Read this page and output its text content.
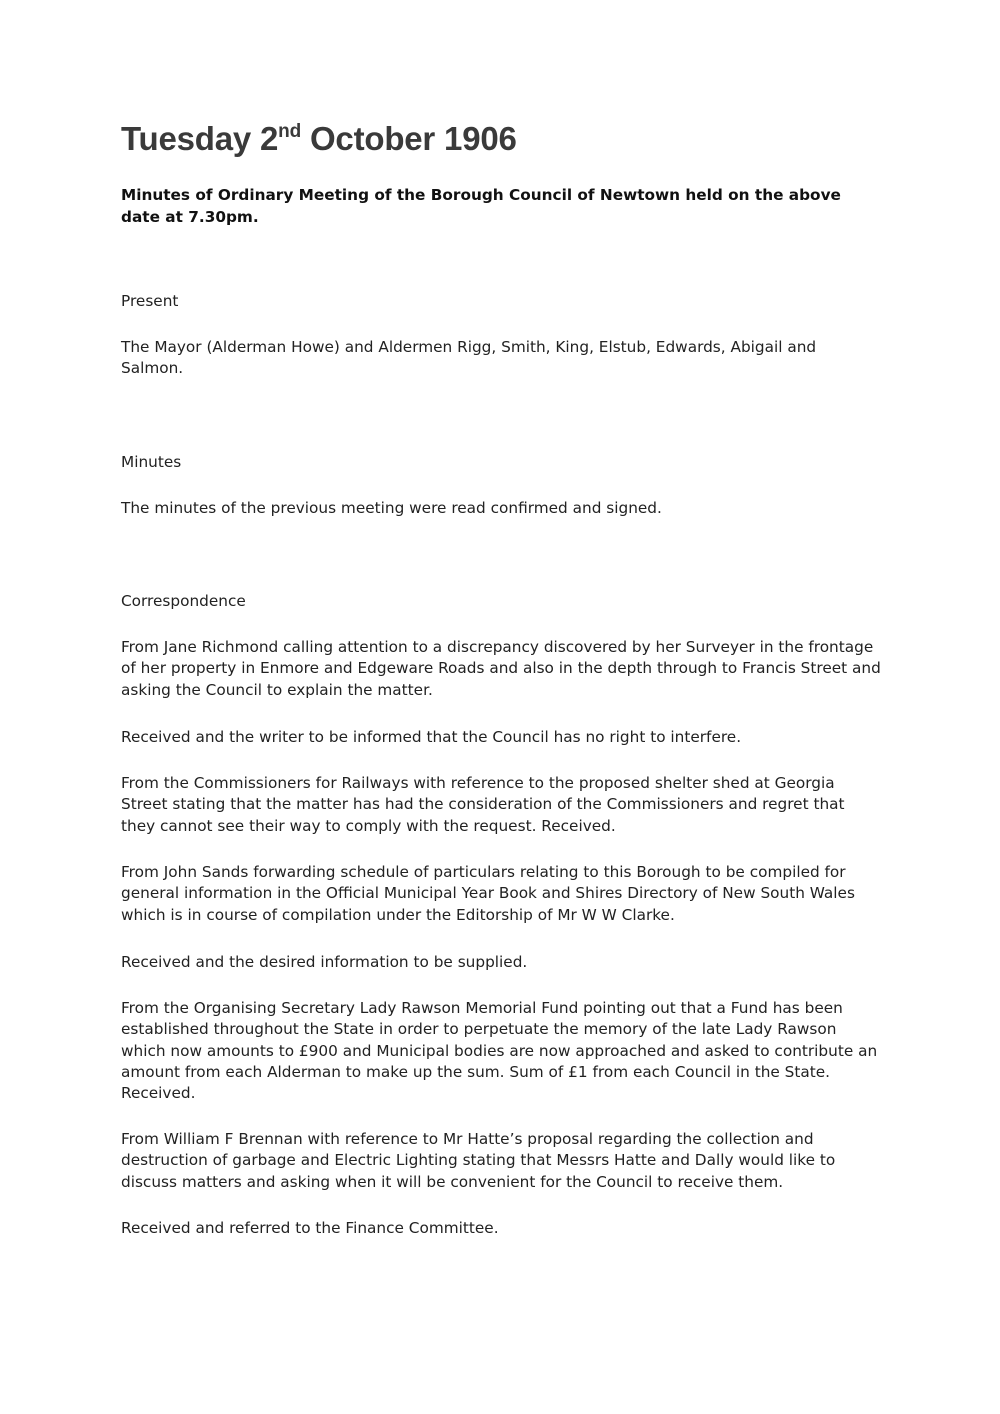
Tuesday 2nd October 1906

Minutes of Ordinary Meeting of the Borough Council of Newtown held on the above date at 7.30pm.

Present

The Mayor (Alderman Howe) and Aldermen Rigg, Smith, King, Elstub, Edwards, Abigail and Salmon.

Minutes

The minutes of the previous meeting were read confirmed and signed.

Correspondence

From Jane Richmond calling attention to a discrepancy discovered by her Surveyer in the frontage of her property in Enmore and Edgeware Roads and also in the depth through to Francis Street and asking the Council to explain the matter.

Received and the writer to be informed that the Council has no right to interfere.

From the Commissioners for Railways with reference to the proposed shelter shed at Georgia Street stating that the matter has had the consideration of the Commissioners and regret that they cannot see their way to comply with the request. Received.

From John Sands forwarding schedule of particulars relating to this Borough to be compiled for general information in the Official Municipal Year Book and Shires Directory of New South Wales which is in course of compilation under the Editorship of Mr W W Clarke.

Received and the desired information to be supplied.

From the Organising Secretary Lady Rawson Memorial Fund pointing out that a Fund has been established throughout the State in order to perpetuate the memory of the late Lady Rawson which now amounts to £900 and Municipal bodies are now approached and asked to contribute an amount from each Alderman to make up the sum. Sum of £1 from each Council in the State. Received.

From William F Brennan with reference to Mr Hatte’s proposal regarding the collection and destruction of garbage and Electric Lighting stating that Messrs Hatte and Dally would like to discuss matters and asking when it will be convenient for the Council to receive them.

Received and referred to the Finance Committee.
